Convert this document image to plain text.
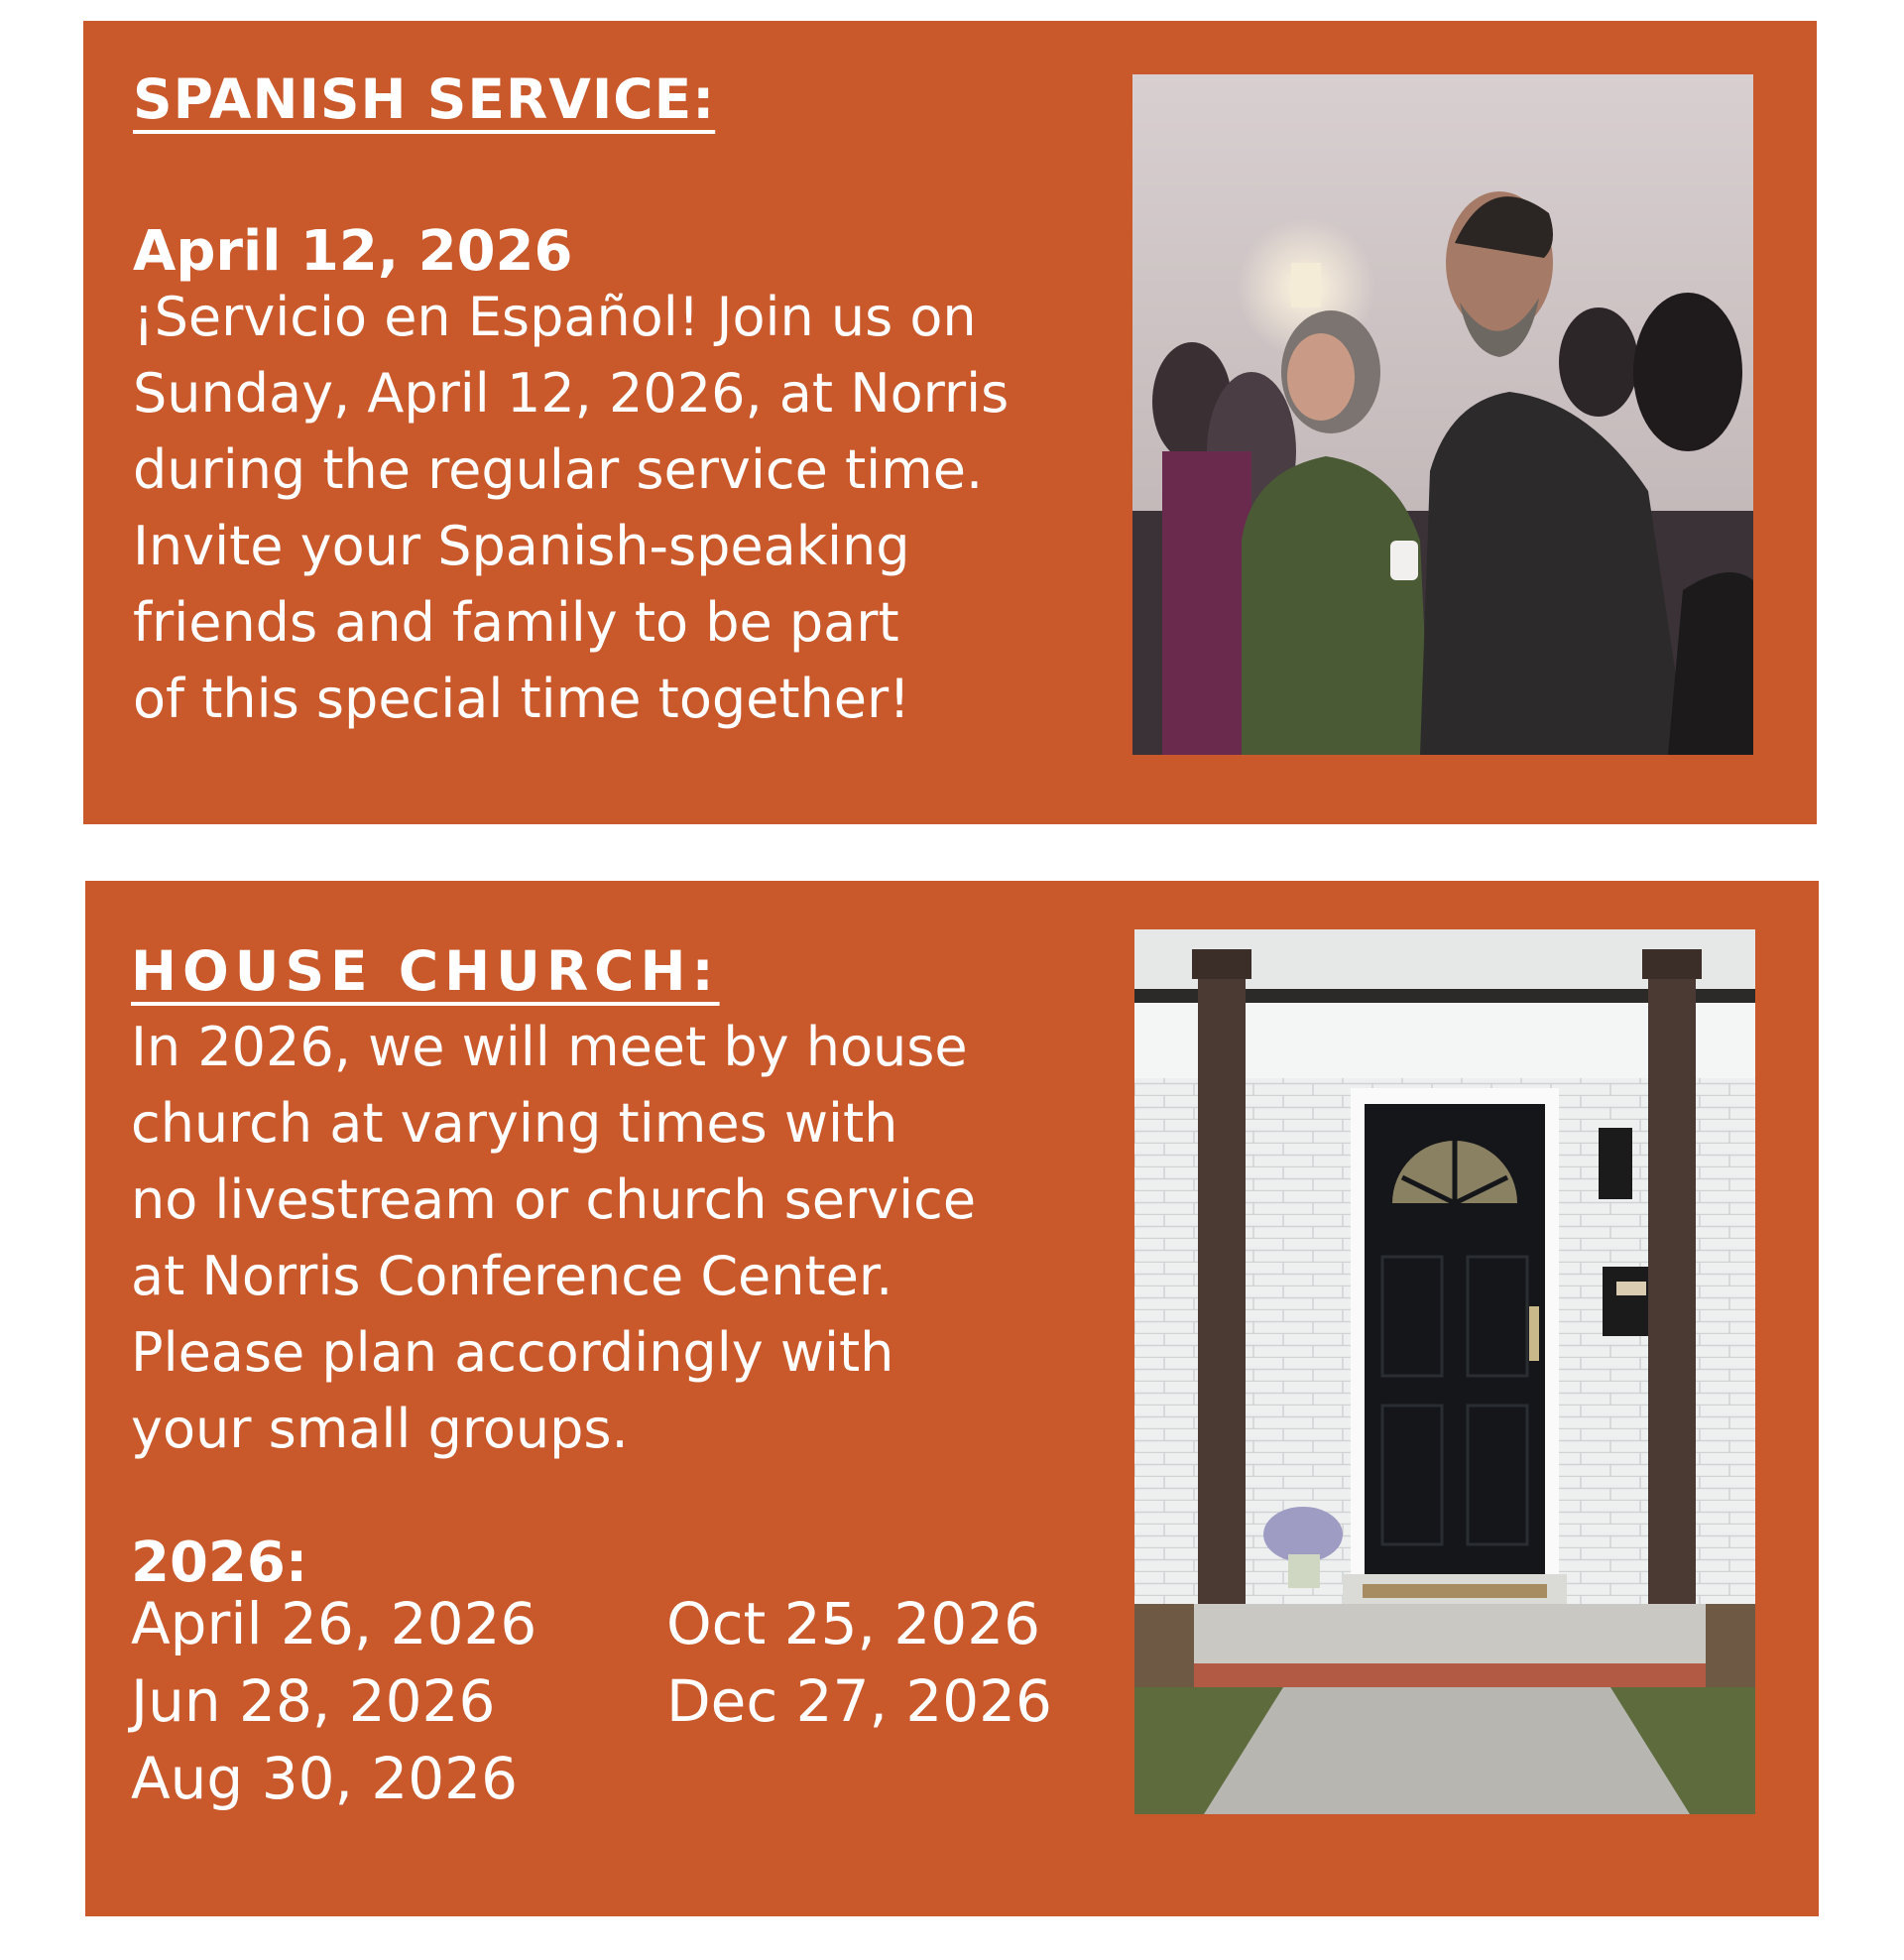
SPANISH SERVICE:
April 12, 2026
¡Servicio en Español! Join us on
Sunday, April 12, 2026, at Norris
during the regular service time.
Invite your Spanish-speaking
friends and family to be part
of this special time together!
HOUSE CHURCH:
In 2026, we will meet by house
church at varying times with
no livestream or church service
at Norris Conference Center.
Please plan accordingly with
your small groups.
2026:
April 26, 2026
Jun 28, 2026
Aug 30, 2026
Oct 25, 2026
Dec 27, 2026
